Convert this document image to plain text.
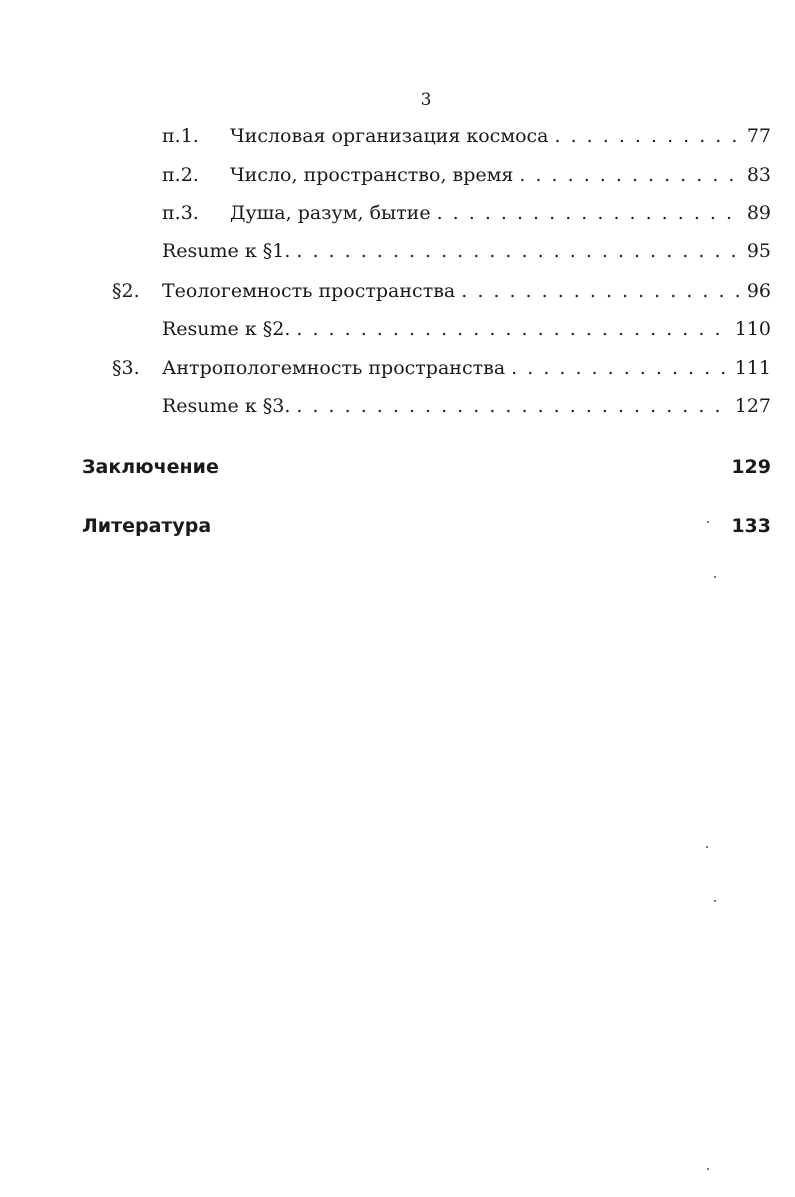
3
п.1.	Числовая организация космоса . . .	77
п.2.	Число, пространство, время . . .	83
п.3.	Душа, разум, бытие . . .	89
Resume к §1. . . .	95
§2.	Теологемность пространства . . .	96
Resume к §2. . . .	110
§3.	Антропологемность пространства . . .	111
Resume к §3. . . .	127
Заключение	129
Литература	133
